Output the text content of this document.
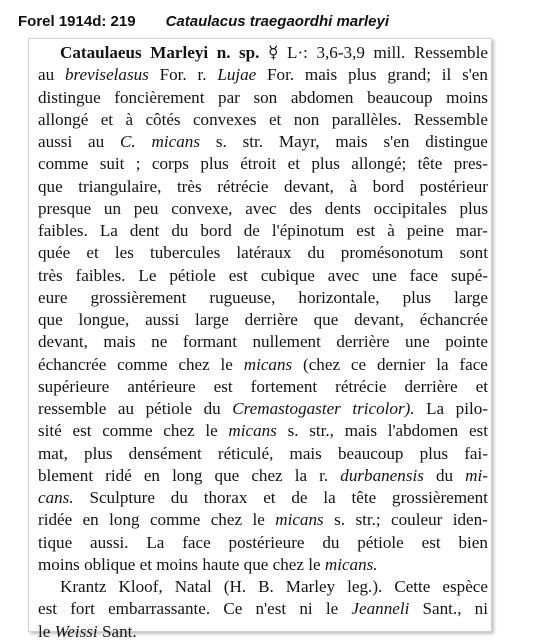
Forel 1914d: 219 Cataulacus traegaordhi marleyi
Cataulaeus Marleyi n. sp. ☿ L·: 3,6-3,9 mill. Ressemble
au breviselasus For. r. Lujae For. mais plus grand; il s'en
distingue foncièrement par son abdomen beaucoup moins
allongé et à côtés convexes et non parallèles. Ressemble
aussi au C. micans s. str. Mayr, mais s'en distingue
comme suit ; corps plus étroit et plus allongé; tête pres-
que triangulaire, très rétrécie devant, à bord postérieur
presque un peu convexe, avec des dents occipitales plus
faibles. La dent du bord de l'épinotum est à peine mar-
quée et les tubercules latéraux du promésonotum sont
très faibles. Le pétiole est cubique avec une face supé-
eure grossièrement rugueuse, horizontale, plus large
que longue, aussi large derrière que devant, échancrée
devant, mais ne formant nullement derrière une pointe
échancrée comme chez le micans (chez ce dernier la face
supérieure antérieure est fortement rétrécie derrière et
ressemble au pétiole du Cremastogaster tricolor). La pilo-
sité est comme chez le micans s. str., mais l'abdomen est
mat, plus densément réticulé, mais beaucoup plus fai-
blement ridé en long que chez la r. durbanensis du mi-
cans. Sculpture du thorax et de la tête grossièrement
ridée en long comme chez le micans s. str.; couleur iden-
tique aussi. La face postérieure du pétiole est bien
moins oblique et moins haute que chez le micans.
Krantz Kloof, Natal (H. B. Marley leg.). Cette espèce
est fort embarrassante. Ce n'est ni le Jeanneli Sant., ni
le Weissi Sant.
